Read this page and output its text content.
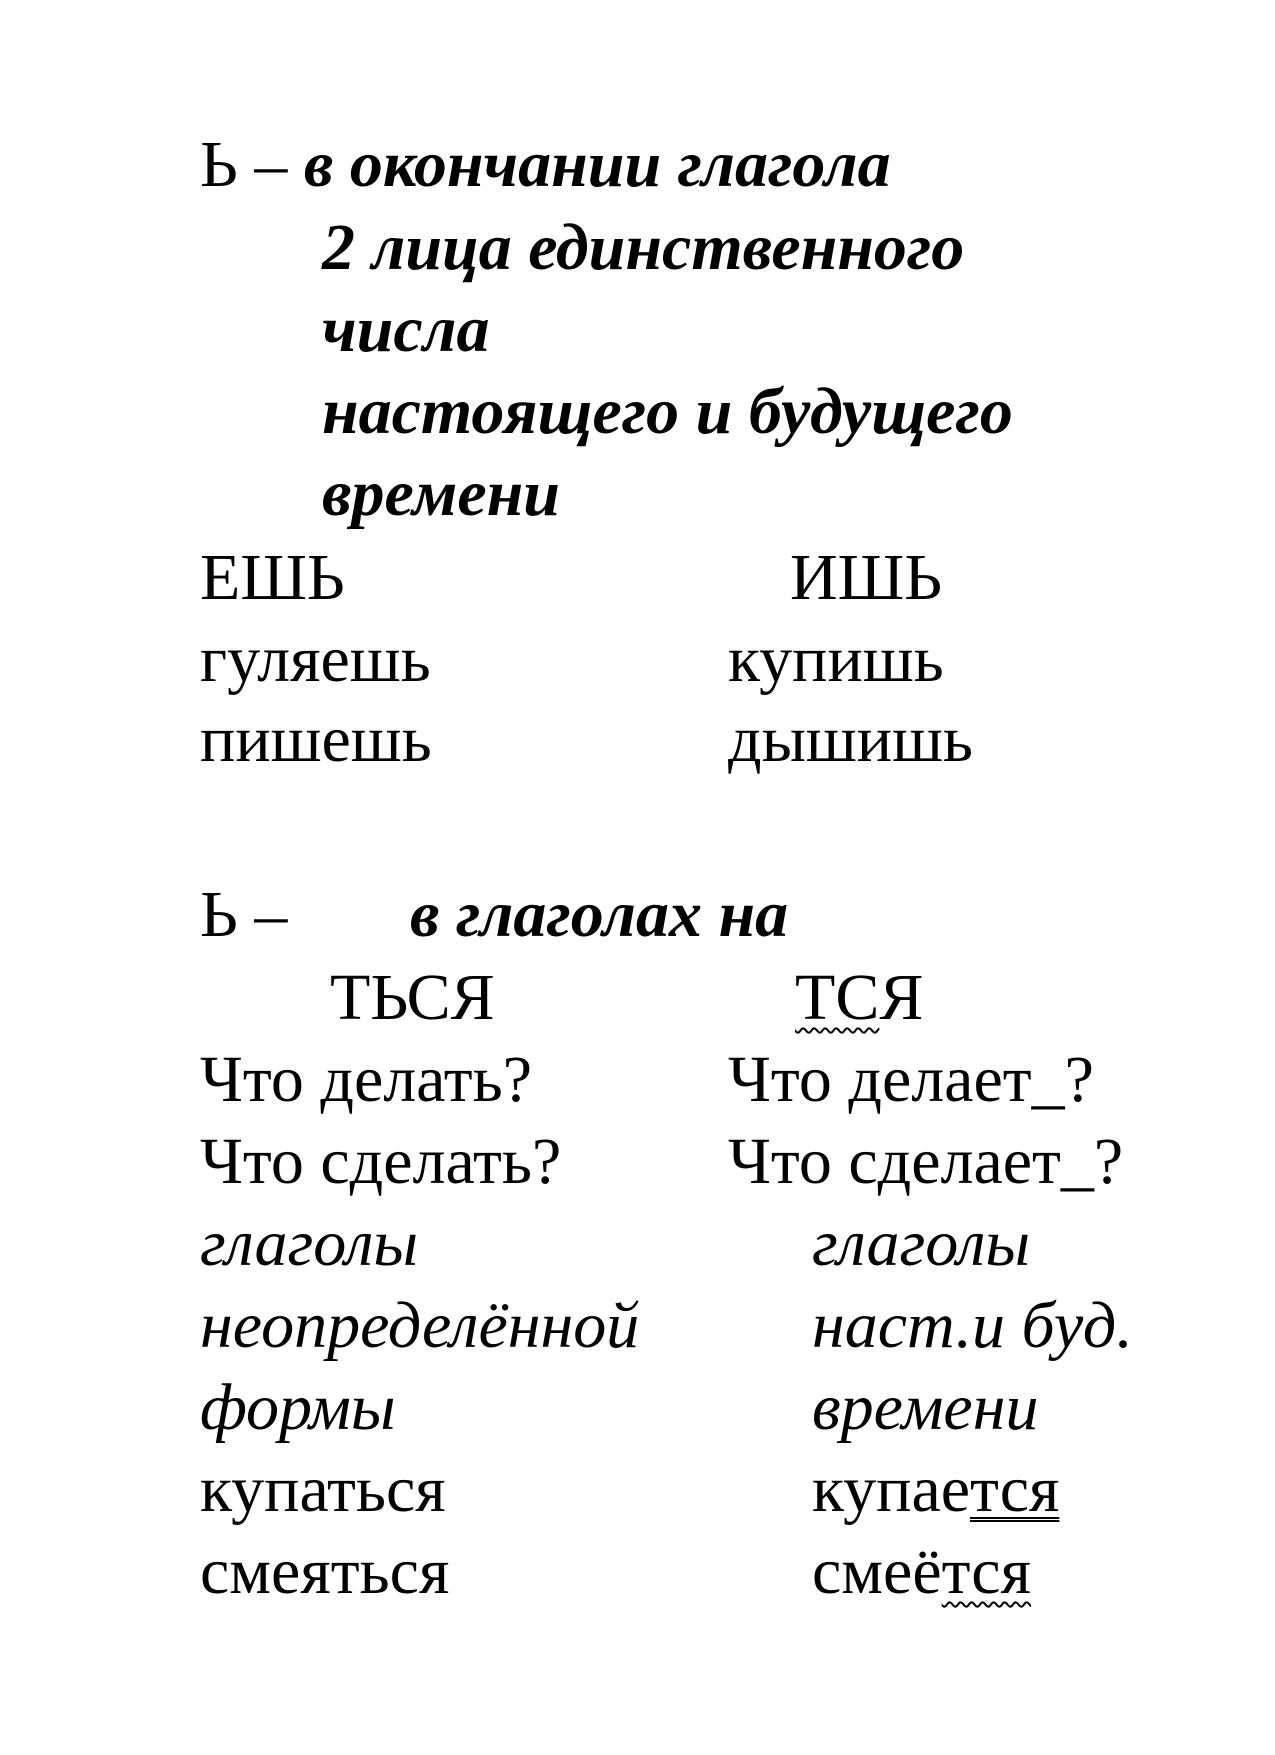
Ь – в окончании глагола
2 лица единственного
числа
настоящего и будущего
времени
ЕШЬ	ИШЬ
гуляешь	купишь
пишешь	дышишь
Ь – в глаголах на
ТЬСЯ	ТСЯ
Что делать?	Что делает_?
Что сделать?	Что сделает_?
глаголы	глаголы
неопределённой	наст.и буд.
формы	времени
купаться	купается
смеяться	смеётся
